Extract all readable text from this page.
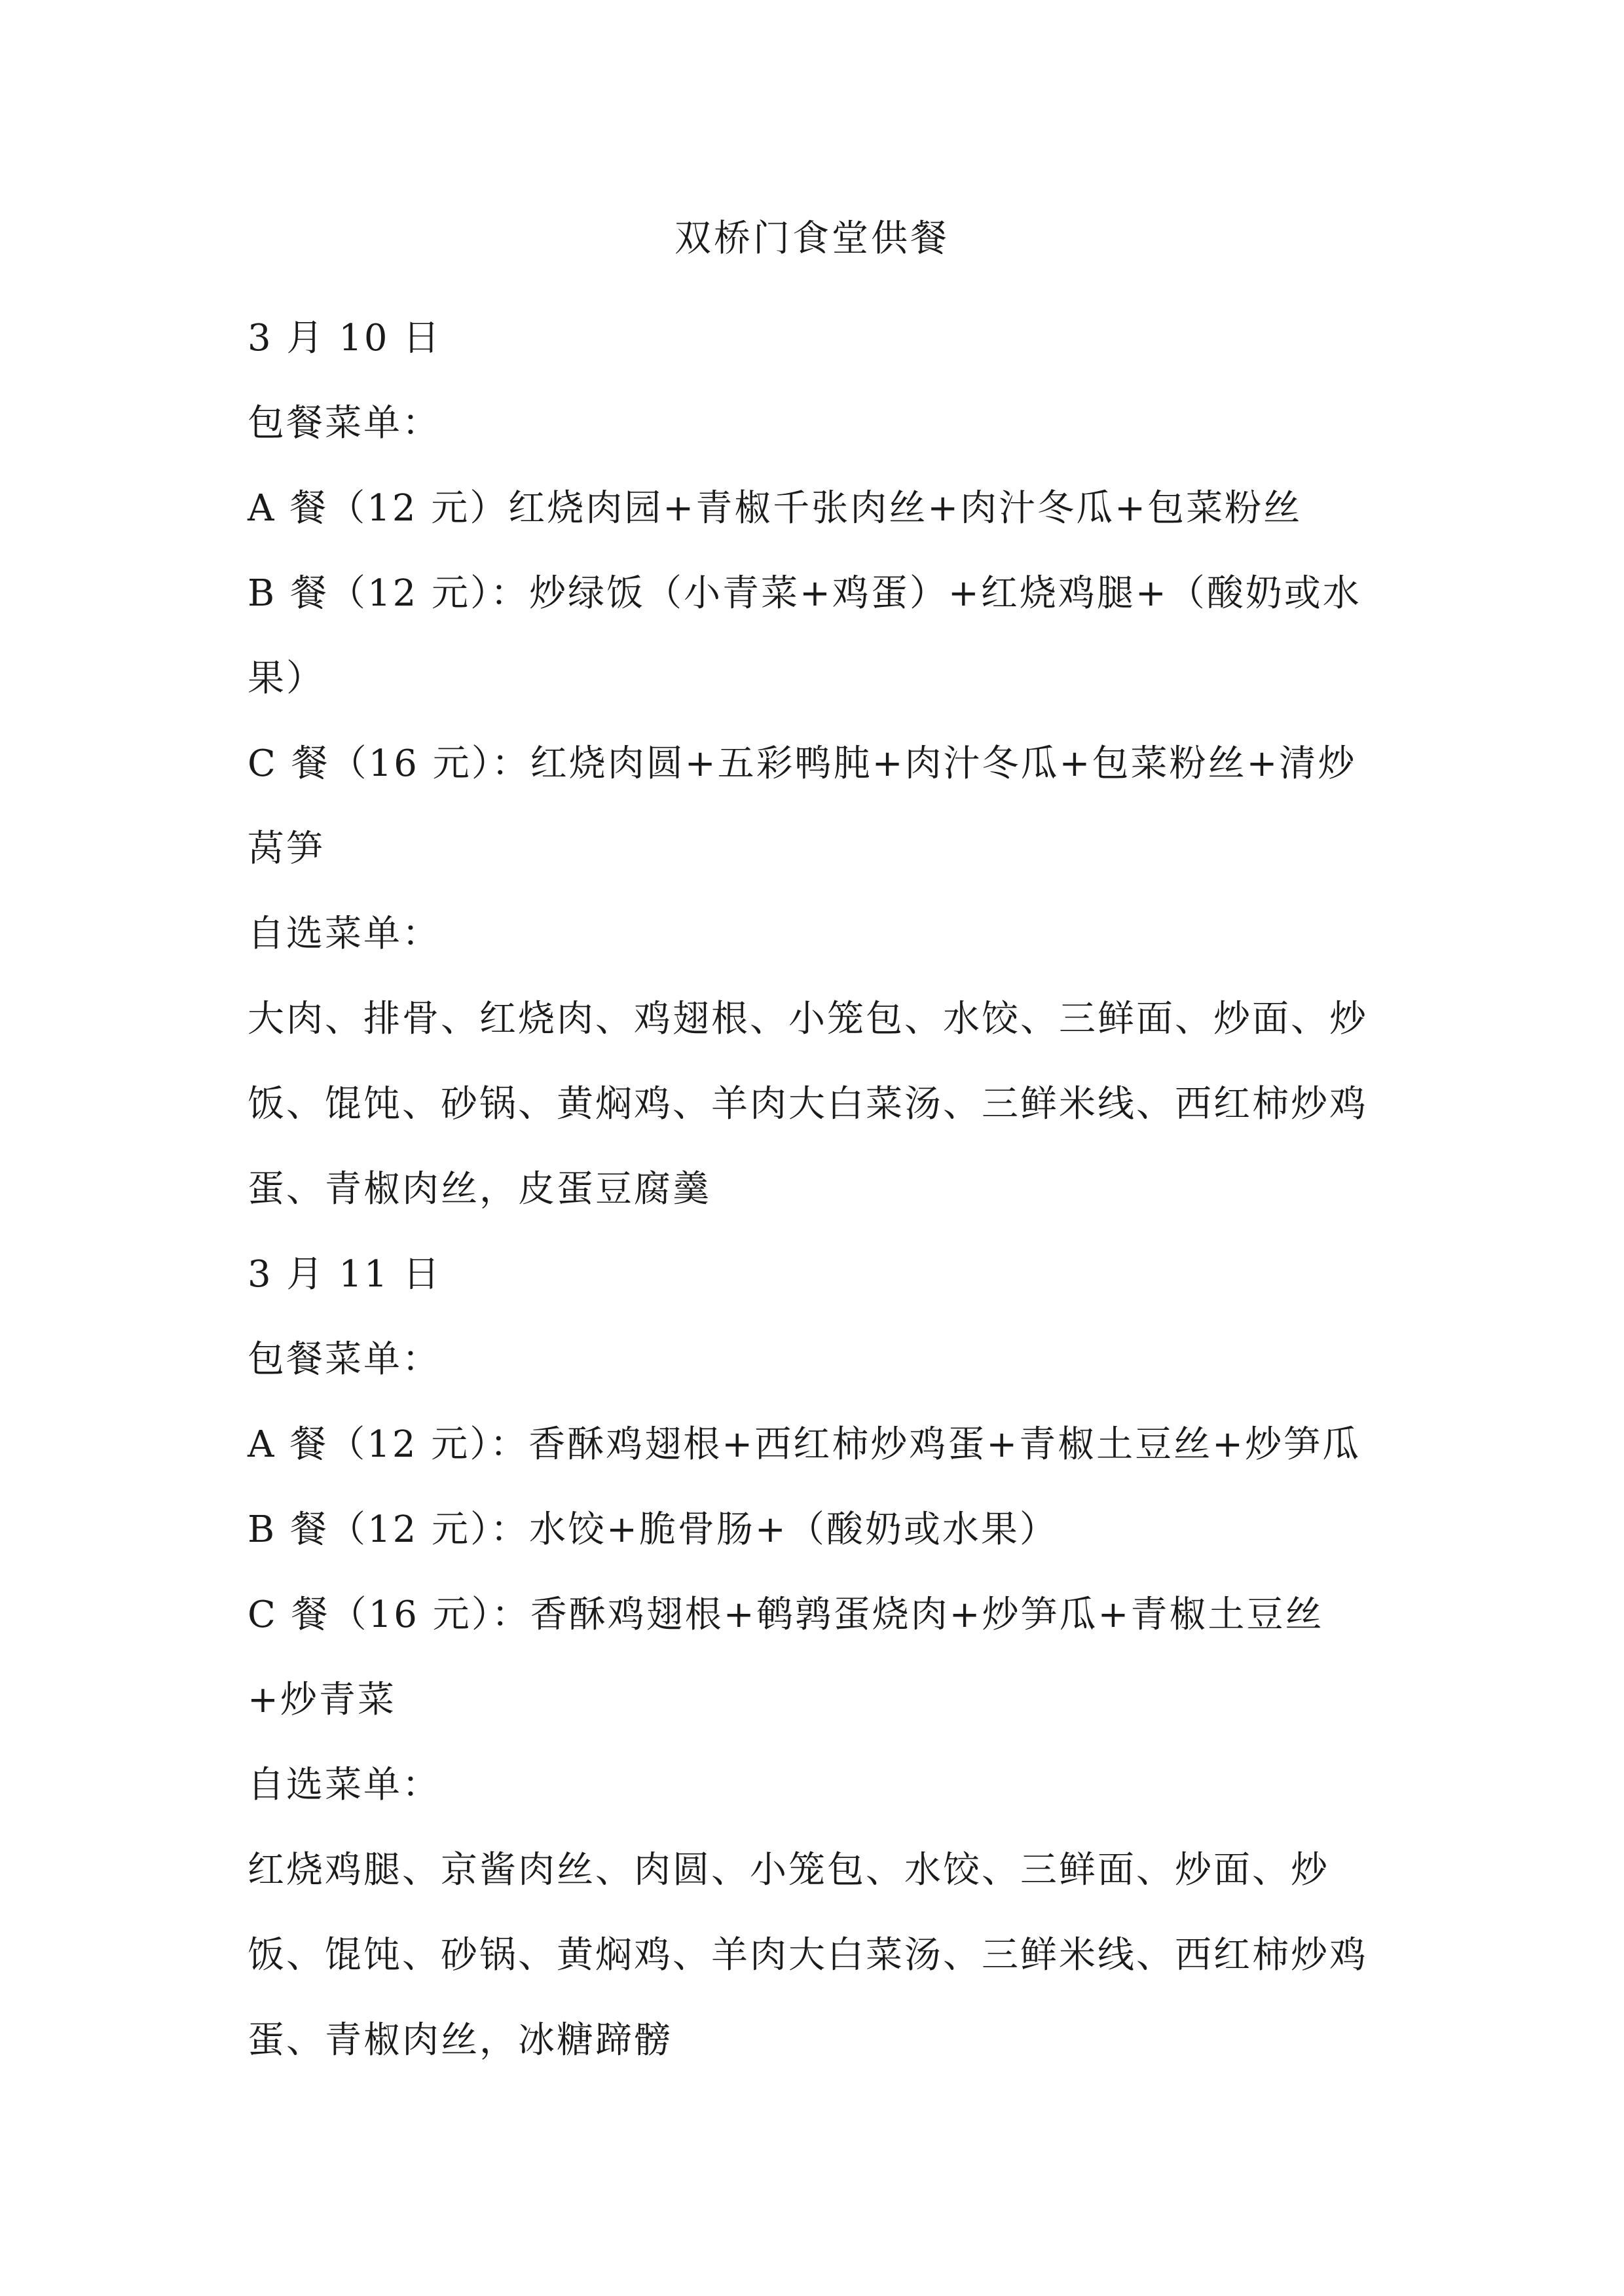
双桥门食堂供餐
3 月 10 日
包餐菜单：
A 餐（12 元）红烧肉园+青椒千张肉丝+肉汁冬瓜+包菜粉丝
B 餐（12 元）：炒绿饭（小青菜+鸡蛋）+红烧鸡腿+（酸奶或水果）
C 餐（16 元）：红烧肉圆+五彩鸭肫+肉汁冬瓜+包菜粉丝+清炒莴笋
自选菜单：
大肉、排骨、红烧肉、鸡翅根、小笼包、水饺、三鲜面、炒面、炒饭、馄饨、砂锅、黄焖鸡、羊肉大白菜汤、三鲜米线、西红柿炒鸡蛋、青椒肉丝，皮蛋豆腐羹
3 月 11 日
包餐菜单：
A 餐（12 元）：香酥鸡翅根+西红柿炒鸡蛋+青椒土豆丝+炒笋瓜
B 餐（12 元）：水饺+脆骨肠+（酸奶或水果）
C 餐（16 元）：香酥鸡翅根+鹌鹑蛋烧肉+炒笋瓜+青椒土豆丝+炒青菜
自选菜单：
红烧鸡腿、京酱肉丝、肉圆、小笼包、水饺、三鲜面、炒面、炒饭、馄饨、砂锅、黄焖鸡、羊肉大白菜汤、三鲜米线、西红柿炒鸡蛋、青椒肉丝，冰糖蹄髈
